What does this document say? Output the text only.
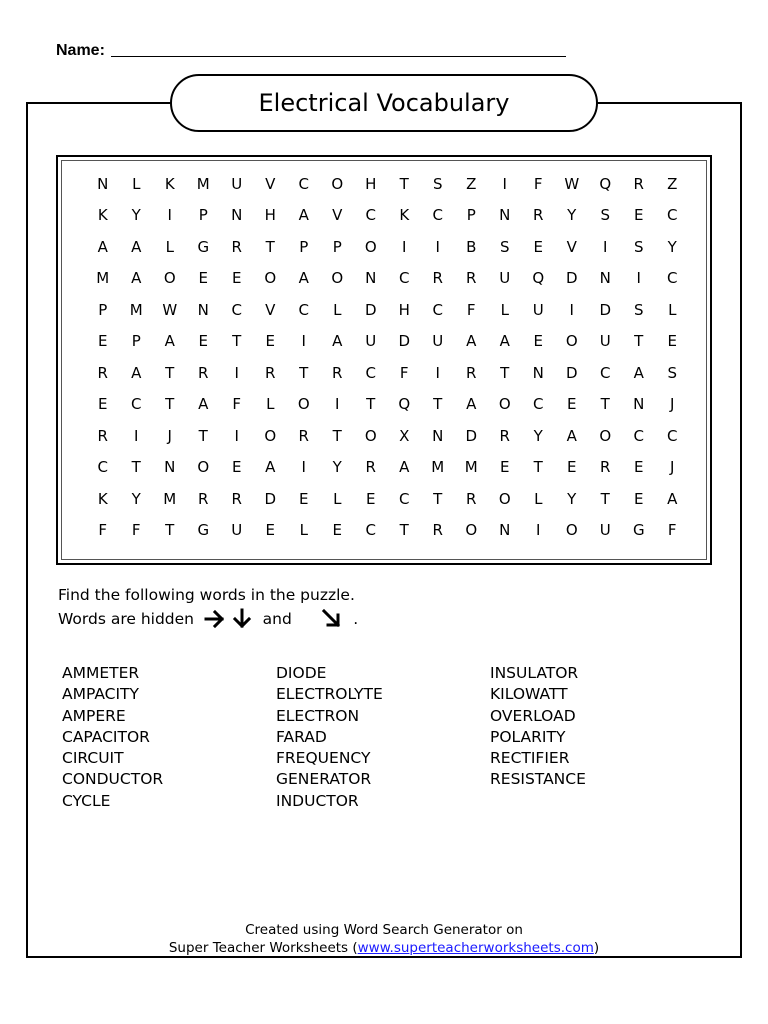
Name:
Electrical Vocabulary
N	L	K	M	U	V	C	O	H	T	S	Z	I	F	W	Q	R	Z
K	Y	I	P	N	H	A	V	C	K	C	P	N	R	Y	S	E	C
A	A	L	G	R	T	P	P	O	I	I	B	S	E	V	I	S	Y
M	A	O	E	E	O	A	O	N	C	R	R	U	Q	D	N	I	C
P	M	W	N	C	V	C	L	D	H	C	F	L	U	I	D	S	L
E	P	A	E	T	E	I	A	U	D	U	A	A	E	O	U	T	E
R	A	T	R	I	R	T	R	C	F	I	R	T	N	D	C	A	S
E	C	T	A	F	L	O	I	T	Q	T	A	O	C	E	T	N	J
R	I	J	T	I	O	R	T	O	X	N	D	R	Y	A	O	C	C
C	T	N	O	E	A	I	Y	R	A	M	M	E	T	E	R	E	J
K	Y	M	R	R	D	E	L	E	C	T	R	O	L	Y	T	E	A
F	F	T	G	U	E	L	E	C	T	R	O	N	I	O	U	G	F
Find the following words in the puzzle.
Words are hidden

	and

	.
AMMETER
AMPACITY
AMPERE
CAPACITOR
CIRCUIT
CONDUCTOR
CYCLE
DIODE
ELECTROLYTE
ELECTRON
FARAD
FREQUENCY
GENERATOR
INDUCTOR
INSULATOR
KILOWATT
OVERLOAD
POLARITY
RECTIFIER
RESISTANCE
Created using Word Search Generator on
Super Teacher Worksheets (www.superteacherworksheets.com)
